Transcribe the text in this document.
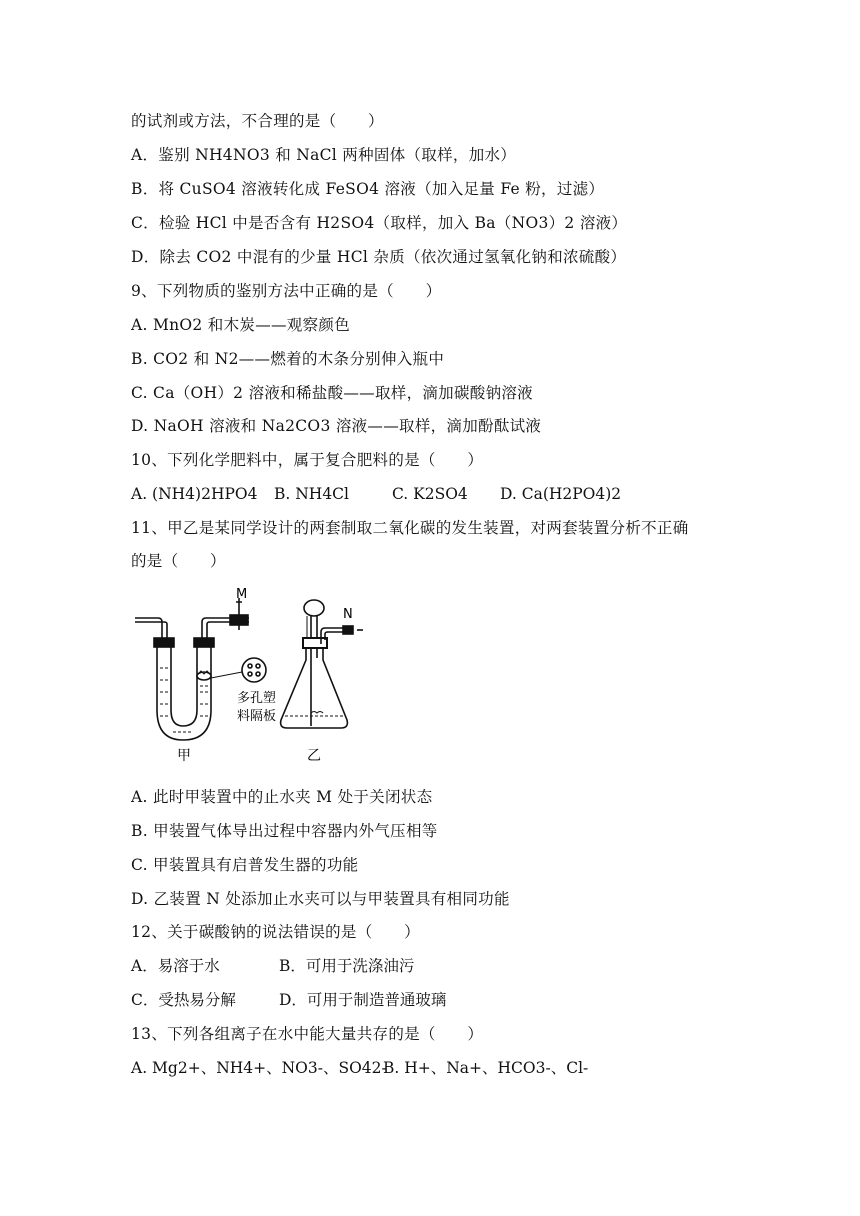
的试剂或方法，不合理的是（　　）
A．鉴别 NH4NO3 和 NaCl 两种固体（取样，加水）
B．将 CuSO4 溶液转化成 FeSO4 溶液（加入足量 Fe 粉，过滤）
C．检验 HCl 中是否含有 H2SO4（取样，加入 Ba（NO3）2 溶液）
D．除去 CO2 中混有的少量 HCl 杂质（依次通过氢氧化钠和浓硫酸）
9、下列物质的鉴别方法中正确的是（　　）
A. MnO2 和木炭——观察颜色
B. CO2 和 N2——燃着的木条分别伸入瓶中
C. Ca（OH）2 溶液和稀盐酸——取样，滴加碳酸钠溶液
D. NaOH 溶液和 Na2CO3 溶液——取样，滴加酚酞试液
10、下列化学肥料中，属于复合肥料的是（　　）
A. (NH4)2HPO4 B. NH4Cl	C. K2SO4 D. Ca(H2PO4)2
11、甲乙是某同学设计的两套制取二氧化碳的发生装置，对两套装置分析不正确
的是（　　）
M
N
多孔塑
料隔板
甲	乙
A. 此时甲装置中的止水夹 M 处于关闭状态
B. 甲装置气体导出过程中容器内外气压相等
C. 甲装置具有启普发生器的功能
D. 乙装置 N 处添加止水夹可以与甲装置具有相同功能
12、关于碳酸钠的说法错误的是（　　）
A．易溶于水	B．可用于洗涤油污
C．受热易分解	D．可用于制造普通玻璃
13、下列各组离子在水中能大量共存的是（　　）
A. Mg2+、NH4+、NO3-、SO42-
B. H+、Na+、HCO3-、Cl-
